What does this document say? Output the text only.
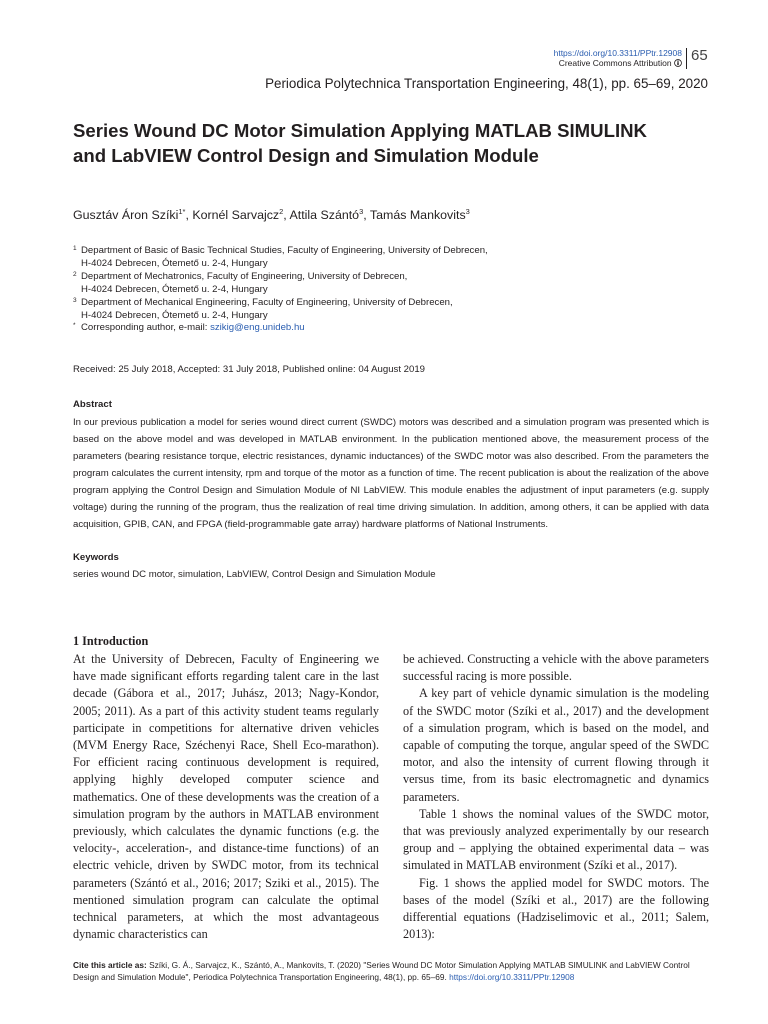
https://doi.org/10.3311/PPtr.12908
Creative Commons Attribution	65
Periodica Polytechnica Transportation Engineering, 48(1), pp. 65–69, 2020
Series Wound DC Motor Simulation Applying MATLAB SIMULINK and LabVIEW Control Design and Simulation Module
Gusztáv Áron Szíki$^{1*}$, Kornél Sarvajcz$^2$, Attila Szántó$^3$, Tamás Mankovits$^3$
1 Department of Basic of Basic Technical Studies, Faculty of Engineering, University of Debrecen,
H-4024 Debrecen, Ótemető u. 2-4, Hungary
2 Department of Mechatronics, Faculty of Engineering, University of Debrecen,
H-4024 Debrecen, Ótemető u. 2-4, Hungary
3 Department of Mechanical Engineering, Faculty of Engineering, University of Debrecen,
H-4024 Debrecen, Ótemető u. 2-4, Hungary
* Corresponding author, e-mail: szikig@eng.unideb.hu
Received: 25 July 2018, Accepted: 31 July 2018, Published online: 04 August 2019
Abstract

In our previous publication a model for series wound direct current (SWDC) motors was described and a simulation program was presented which is based on the above model and was developed in MATLAB environment. In the publication mentioned above, the measurement process of the parameters (bearing resistance torque, electric resistances, dynamic inductances) of the SWDC motor was also described. From the parameters the program calculates the current intensity, rpm and torque of the motor as a function of time. The recent publication is about the realization of the above program applying the Control Design and Simulation Module of NI LabVIEW. This module enables the adjustment of input parameters (e.g. supply voltage) during the running of the program, thus the realization of real time driving simulation. In addition, among others, it can be applied with data acquisition, GPIB, CAN, and FPGA (field-programmable gate array) hardware platforms of National Instruments.

Keywords
series wound DC motor, simulation, LabVIEW, Control Design and Simulation Module
1 Introduction

At the University of Debrecen, Faculty of Engineering we have made significant efforts regarding talent care in the last decade (Gábora et al., 2017; Juhász, 2013; Nagy-Kondor, 2005; 2011). As a part of this activity student teams regularly participate in competitions for alternative driven vehicles (MVM Energy Race, Széchenyi Race, Shell Eco-marathon). For efficient racing continuous development is required, applying highly developed computer science and mathematics. One of these developments was the creation of a simulation program by the authors in MATLAB environment previously, which calculates the dynamic functions (e.g. the velocity-, acceleration-, and distance-time functions) of an electric vehicle, driven by SWDC motor, from its technical parameters (Szántó et al., 2016; 2017; Sziki et al., 2015). The mentioned simulation program can calculate the optimal technical parameters, at which the most advantageous dynamic characteristics can

be achieved. Constructing a vehicle with the above parameters successful racing is more possible.

A key part of vehicle dynamic simulation is the modeling of the SWDC motor (Szíki et al., 2017) and the development of a simulation program, which is based on the model, and capable of computing the torque, angular speed of the SWDC motor, and also the intensity of current flowing through it versus time, from its basic electromagnetic and dynamics parameters.

Table 1 shows the nominal values of the SWDC motor, that was previously analyzed experimentally by our research group and – applying the obtained experimental data – was simulated in MATLAB environment (Szíki et al., 2017).

Fig. 1 shows the applied model for SWDC motors. The bases of the model (Szíki et al., 2017) are the following differential equations (Hadziselimovic et al., 2011; Salem, 2013):

Cite this article as: Szíki, G. Á., Sarvajcz, K., Szántó, A., Mankovits, T. (2020) "Series Wound DC Motor Simulation Applying MATLAB SIMULINK and LabVIEW Control Design and Simulation Module", Periodica Polytechnica Transportation Engineering, 48(1), pp. 65–69. https://doi.org/10.3311/PPtr.12908
